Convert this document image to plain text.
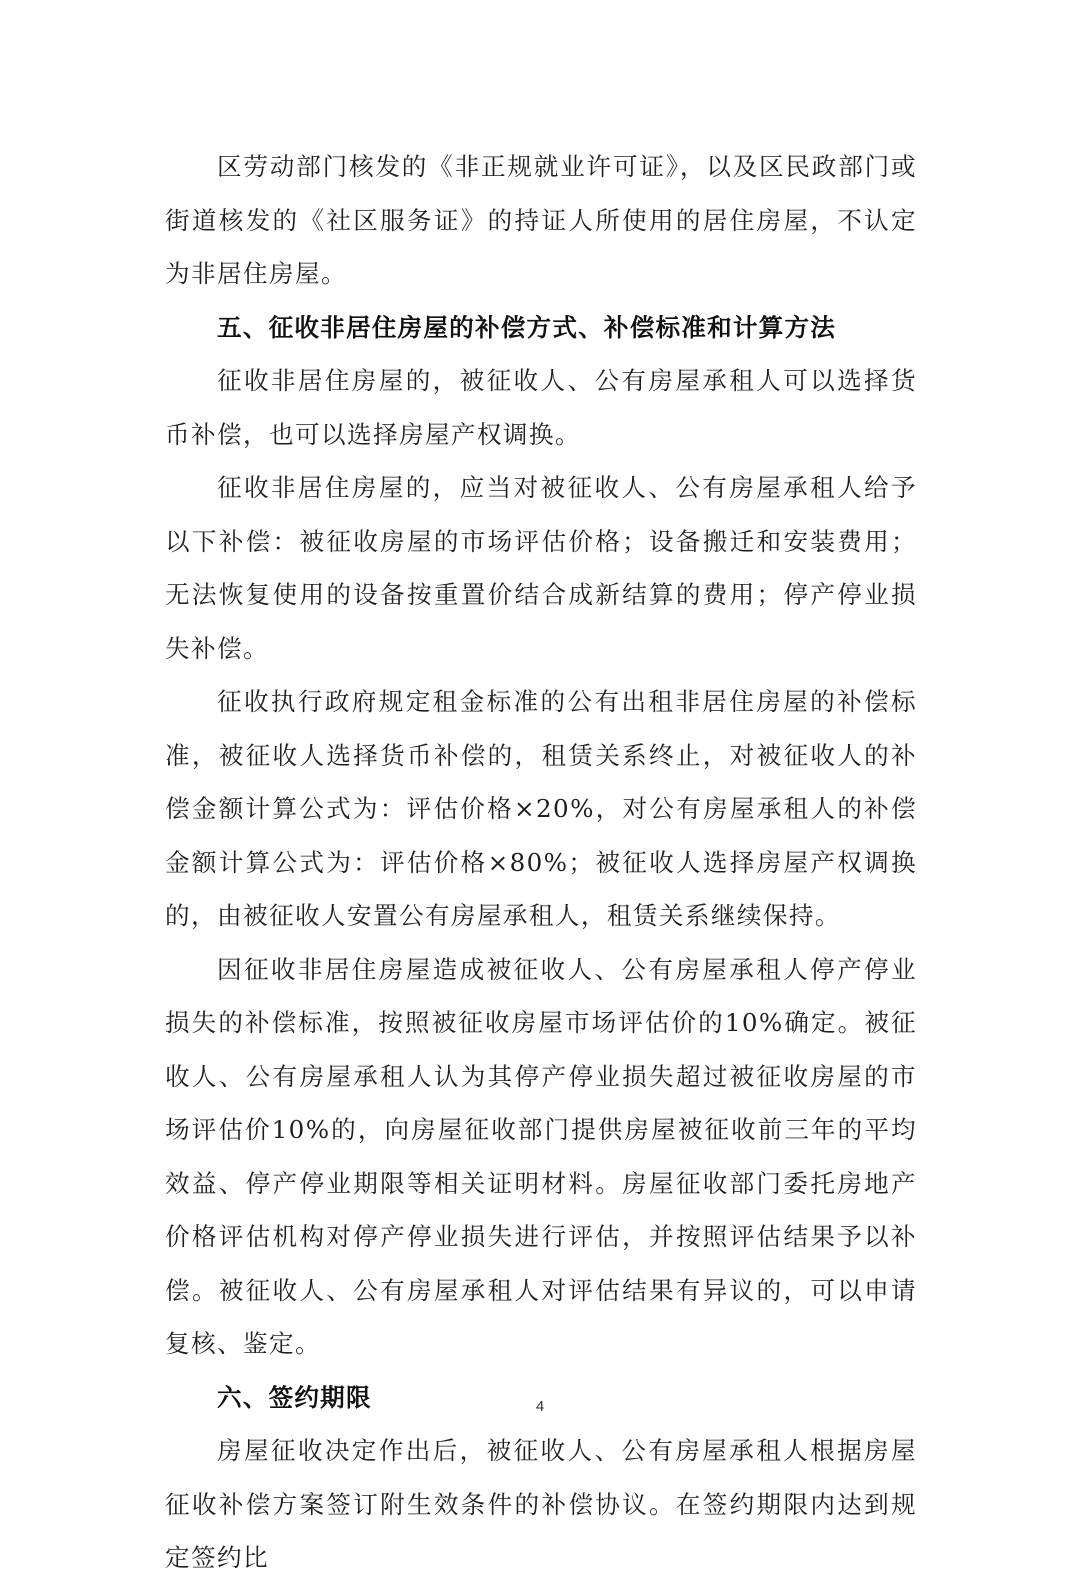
区劳动部门核发的《非正规就业许可证》，以及区民政部门或街道核发的《社区服务证》的持证人所使用的居住房屋，不认定为非居住房屋。

五、征收非居住房屋的补偿方式、补偿标准和计算方法

征收非居住房屋的，被征收人、公有房屋承租人可以选择货币补偿，也可以选择房屋产权调换。

征收非居住房屋的，应当对被征收人、公有房屋承租人给予以下补偿：被征收房屋的市场评估价格；设备搬迁和安装费用；无法恢复使用的设备按重置价结合成新结算的费用；停产停业损失补偿。

征收执行政府规定租金标准的公有出租非居住房屋的补偿标准，被征收人选择货币补偿的，租赁关系终止，对被征收人的补偿金额计算公式为：评估价格×20%，对公有房屋承租人的补偿金额计算公式为：评估价格×80%；被征收人选择房屋产权调换的，由被征收人安置公有房屋承租人，租赁关系继续保持。

因征收非居住房屋造成被征收人、公有房屋承租人停产停业损失的补偿标准，按照被征收房屋市场评估价的10%确定。被征收人、公有房屋承租人认为其停产停业损失超过被征收房屋的市场评估价10%的，向房屋征收部门提供房屋被征收前三年的平均效益、停产停业期限等相关证明材料。房屋征收部门委托房地产价格评估机构对停产停业损失进行评估，并按照评估结果予以补偿。被征收人、公有房屋承租人对评估结果有异议的，可以申请复核、鉴定。

六、签约期限

房屋征收决定作出后，被征收人、公有房屋承租人根据房屋征收补偿方案签订附生效条件的补偿协议。在签约期限内达到规定签约比

4
